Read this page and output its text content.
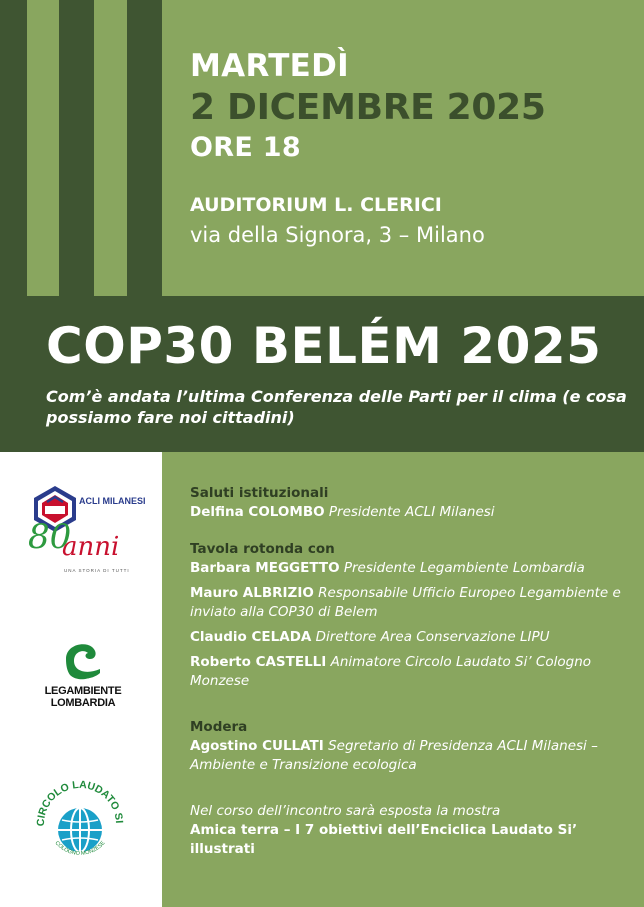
MARTEDÌ
2 DICEMBRE 2025
ORE 18
AUDITORIUM L. CLERICI
via della Signora, 3 – Milano
COP30 BELÉM 2025
Com’è andata l’ultima Conferenza delle Parti per il clima (e cosa possiamo fare noi cittadini)
ACLI MILANESI
80
anni
UNA STORIA DI TUTTI
LEGAMBIENTE LOMBARDIA
CIRCOLO LAUDATO SI
COLOGNO MONZESE
Saluti istituzionali
Delfina COLOMBO Presidente ACLI Milanesi
Tavola rotonda con
Barbara MEGGETTO Presidente Legambiente Lombardia
Mauro ALBRIZIO Responsabile Ufficio Europeo Legambiente e inviato alla COP30 di Belem
Claudio CELADA Direttore Area Conservazione LIPU
Roberto CASTELLI Animatore Circolo Laudato Si’ Cologno Monzese
Modera
Agostino CULLATI Segretario di Presidenza ACLI Milanesi – Ambiente e Transizione ecologica
Nel corso dell’incontro sarà esposta la mostra
Amica terra – I 7 obiettivi dell’Enciclica Laudato Si’ illustrati
